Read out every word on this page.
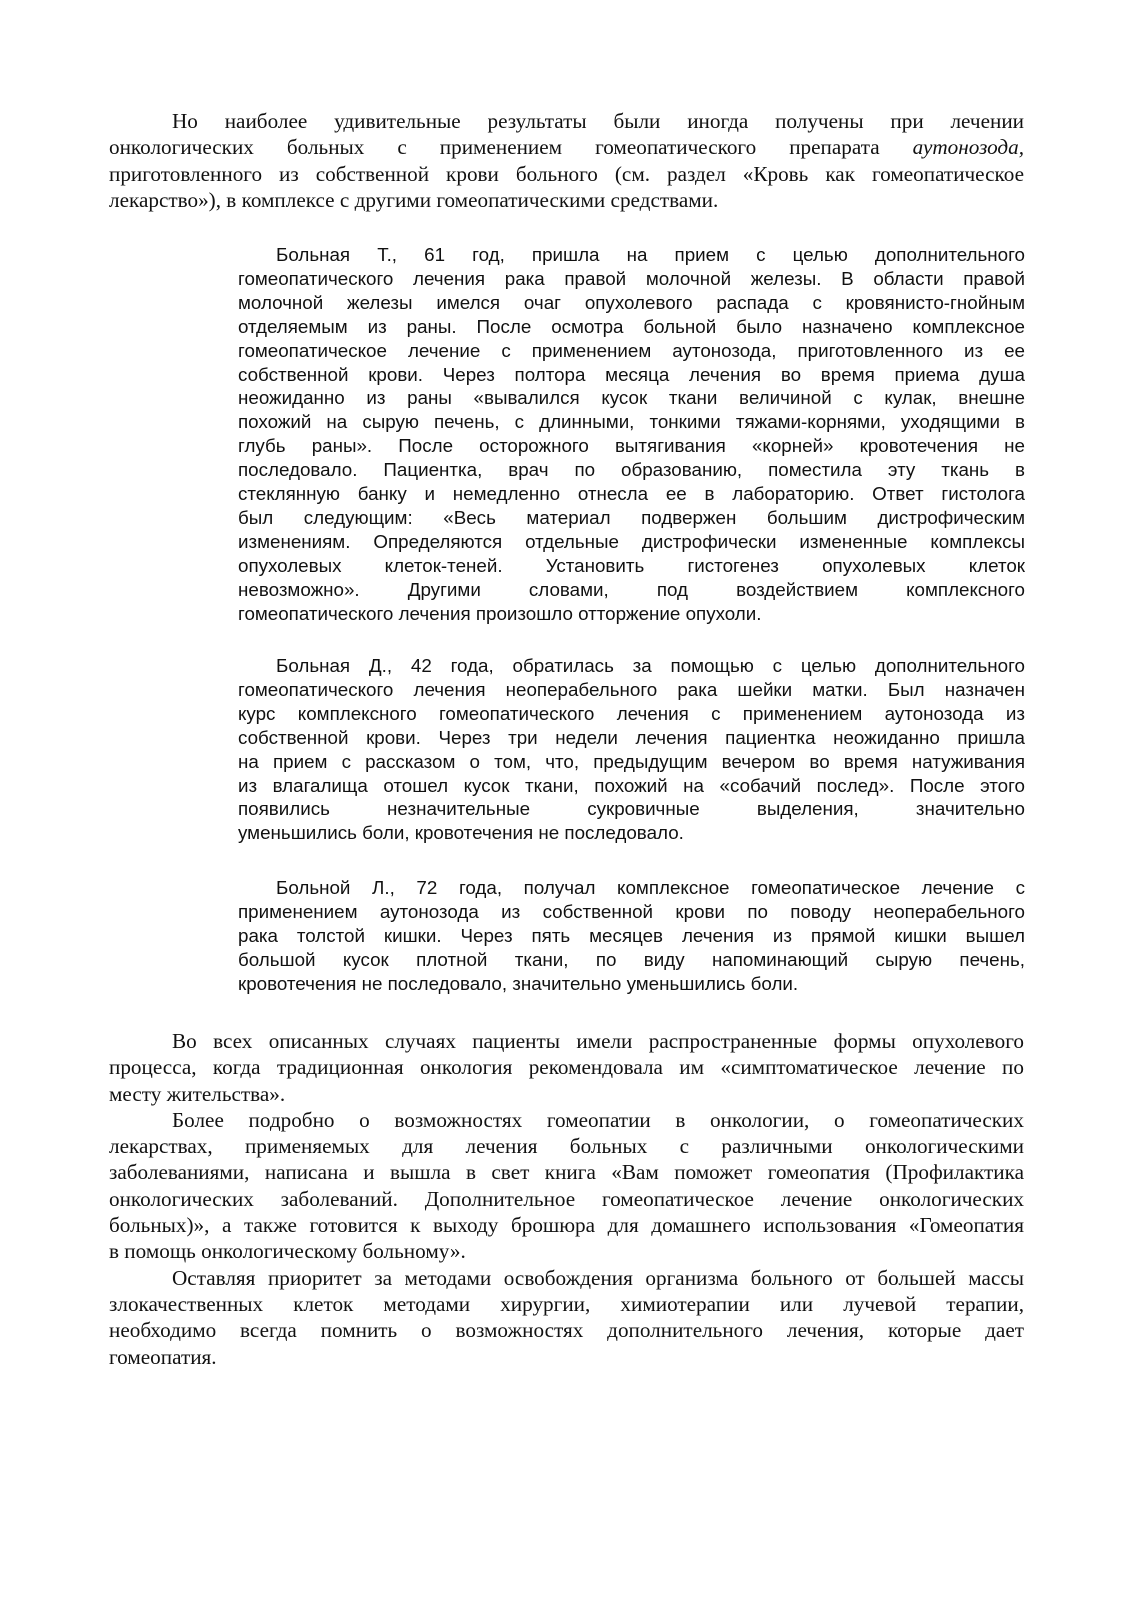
Но наиболее удивительные результаты были иногда получены при лечении
онкологических больных с применением гомеопатического препарата аутонозода,
приготовленного из собственной крови больного (см. раздел «Кровь как гомеопатическое
лекарство»), в комплексе с другими гомеопатическими средствами.
Больная Т., 61 год, пришла на прием с целью дополнительного
гомеопатического лечения рака правой молочной железы. В области правой
молочной железы имелся очаг опухолевого распада с кровянисто-гнойным
отделяемым из раны. После осмотра больной было назначено комплексное
гомеопатическое лечение с применением аутонозода, приготовленного из ее
собственной крови. Через полтора месяца лечения во время приема душа
неожиданно из раны «вывалился кусок ткани величиной с кулак, внешне
похожий на сырую печень, с длинными, тонкими тяжами-корнями, уходящими в
глубь раны». После осторожного вытягивания «корней» кровотечения не
последовало. Пациентка, врач по образованию, поместила эту ткань в
стеклянную банку и немедленно отнесла ее в лабораторию. Ответ гистолога
был следующим: «Весь материал подвержен большим дистрофическим
изменениям. Определяются отдельные дистрофически измененные комплексы
опухолевых клеток-теней. Установить гистогенез опухолевых клеток
невозможно». Другими словами, под воздействием комплексного
гомеопатического лечения произошло отторжение опухоли.
Больная Д., 42 года, обратилась за помощью с целью дополнительного
гомеопатического лечения неоперабельного рака шейки матки. Был назначен
курс комплексного гомеопатического лечения с применением аутонозода из
собственной крови. Через три недели лечения пациентка неожиданно пришла
на прием с рассказом о том, что, предыдущим вечером во время натуживания
из влагалища отошел кусок ткани, похожий на «собачий послед». После этого
появились незначительные сукровичные выделения, значительно
уменьшились боли, кровотечения не последовало.
Больной Л., 72 года, получал комплексное гомеопатическое лечение с
применением аутонозода из собственной крови по поводу неоперабельного
рака толстой кишки. Через пять месяцев лечения из прямой кишки вышел
большой кусок плотной ткани, по виду напоминающий сырую печень,
кровотечения не последовало, значительно уменьшились боли.
Во всех описанных случаях пациенты имели распространенные формы опухолевого
процесса, когда традиционная онкология рекомендовала им «симптоматическое лечение по
месту жительства».
Более подробно о возможностях гомеопатии в онкологии, о гомеопатических
лекарствах, применяемых для лечения больных с различными онкологическими
заболеваниями, написана и вышла в свет книга «Вам поможет гомеопатия (Профилактика
онкологических заболеваний. Дополнительное гомеопатическое лечение онкологических
больных)», а также готовится к выходу брошюра для домашнего использования «Гомеопатия
в помощь онкологическому больному».
Оставляя приоритет за методами освобождения организма больного от большей массы
злокачественных клеток методами хирургии, химиотерапии или лучевой терапии,
необходимо всегда помнить о возможностях дополнительного лечения, которые дает
гомеопатия.
